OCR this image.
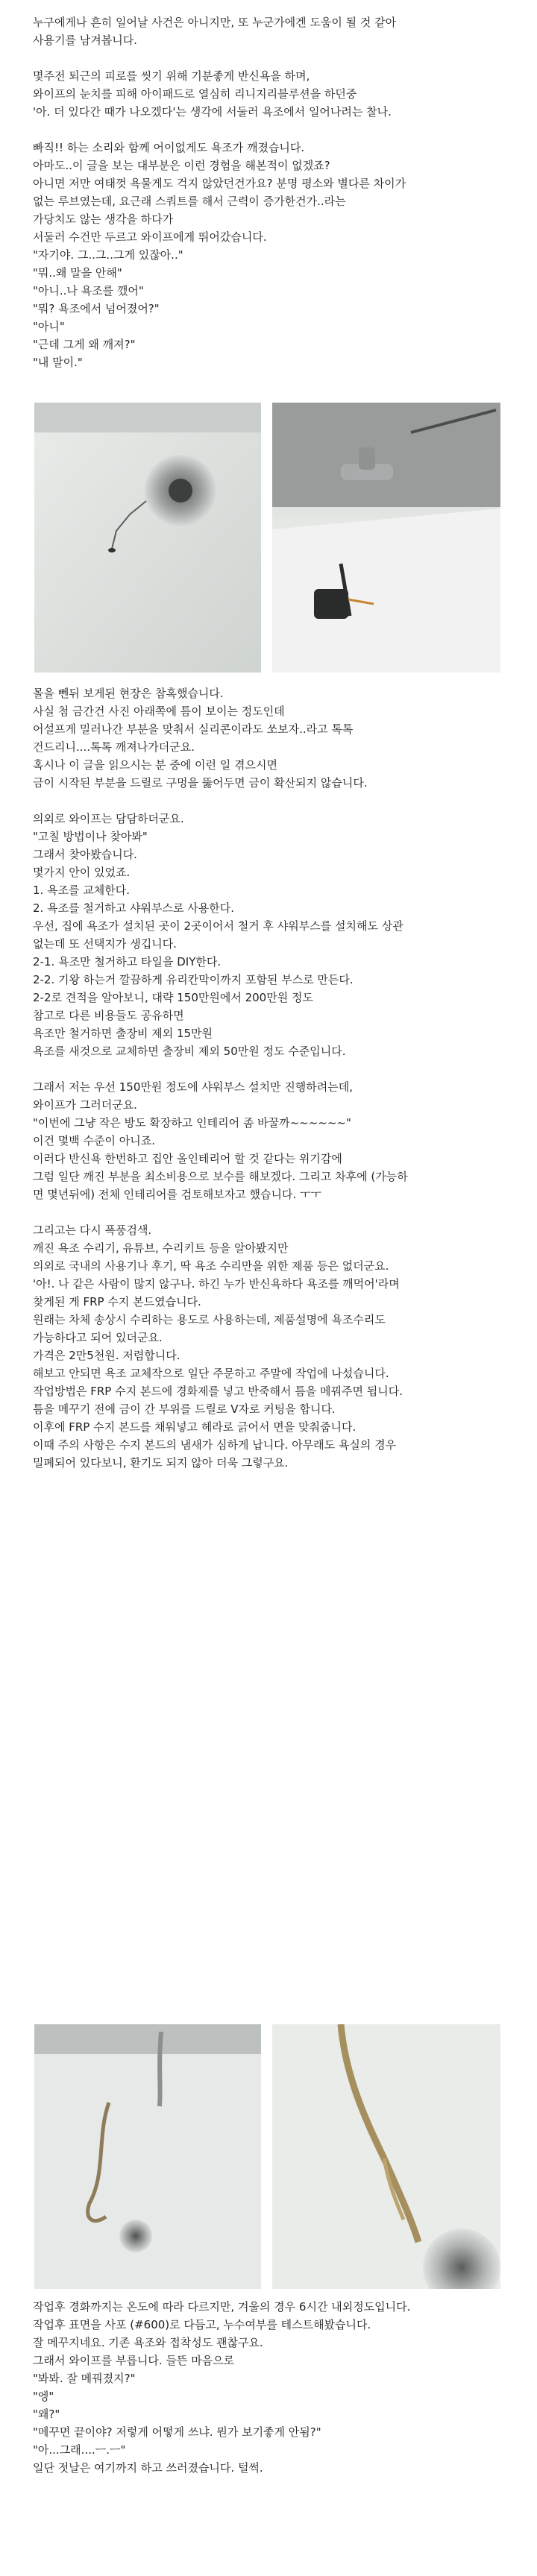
누구에게나 흔히 일어날 사건은 아니지만, 또 누군가에겐 도움이 될 것 같아
사용기를 남겨봅니다.
몇주전 퇴근의 피로를 씻기 위해 기분좋게 반신욕을 하며,
와이프의 눈치를 피해 아이패드로 열심히 리니지리블루션을 하던중
'아. 더 있다간 때가 나오겠다'는 생각에 서둘러 욕조에서 일어나려는 찰나.
빠직!! 하는 소리와 함께 어이없게도 욕조가 깨졌습니다.
아마도..이 글을 보는 대부분은 이런 경험을 해본적이 없겠죠?
아니면 저만 여태껏 욕물게도 걱지 않았던건가요? 분명 평소와 별다른 차이가
없는 루브였는데, 요근래 스쿼트를 해서 근력이 증가한건가..라는
가당치도 않는 생각을 하다가
서둘러 수건만 두르고 와이프에게 뛰어갔습니다.
"자기야. 그..그..그게 있잖아.."
"뭐..왜 말을 안해"
"아니..나 욕조를 깼어"
"뭐? 욕조에서 넘어졌어?"
"아니"
"근데 그게 왜 깨져?"
"내 말이."
몰을 뻰뒤 보게된 현장은 참혹했습니다.
사실 첨 금간건 사진 아래쪽에 틈이 보이는 정도인데
어설프게 밀러나간 부분을 맞춰서 실리콘이라도 쏘보자..라고 톡톡
건드리니....톡톡 깨져나가더군요.
혹시나 이 글을 읽으시는 분 중에 이런 일 겪으시면
금이 시작된 부분을 드릴로 구멍을 뚫어두면 금이 확산되지 않습니다.
의외로 와이프는 담담하더군요.
"고칠 방법이나 찾아봐"
그래서 찾아봤습니다.
몇가지 안이 있었죠.
1. 욕조를 교체한다.
2. 욕조를 철거하고 샤워부스로 사용한다.
우선, 집에 욕조가 설치된 곳이 2곳이어서 철거 후 샤워부스를 설치해도 상관
없는데 또 선택지가 생깁니다.
2-1. 욕조만 철거하고 타일을 DIY한다.
2-2. 기왕 하는거 깔끔하게 유리칸막이까지 포함된 부스로 만든다.
2-2로 견적을 알아보니, 대략 150만원에서 200만원 정도
참고로 다른 비용들도 공유하면
욕조만 철거하면 출장비 제외 15만원
욕조를 새것으로 교체하면 출장비 제외 50만원 정도 수준입니다.
그래서 저는 우선 150만원 정도에 샤워부스 설치만 진행하려는데,
와이프가 그러더군요.
"이번에 그냥 작은 방도 확장하고 인테리어 좀 바꿀까~~~~~~"
이건 몇백 수준이 아니죠.
이러다 반신욕 한번하고 집안 올인테리어 할 것 같다는 위기감에
그럼 일단 깨진 부분을 최소비용으로 보수를 해보겠다. 그리고 차후에 (가능하
면 몇년뒤에) 전체 인테리어를 검토해보자고 했습니다. ㅜㅜ
그리고는 다시 폭풍검색.
깨진 욕조 수리기, 유튜브, 수리키트 등을 알아봤지만
의외로 국내의 사용기나 후기, 딱 욕조 수리만을 위한 제품 등은 없더군요.
'아!. 나 같은 사람이 많지 않구나. 하긴 누가 반신욕하다 욕조를 깨먹어'라며
찾게된 게 FRP 수지 본드였습니다.
원래는 차체 송상시 수리하는 용도로 사용하는데, 제품설명에 욕조수리도
가능하다고 되어 있더군요.
가격은 2만5천원. 저렴합니다.
해보고 안되면 욕조 교체작으로 일단 주문하고 주말에 작업에 나섰습니다.
작업방법은 FRP 수지 본드에 경화제를 넣고 반죽해서 틈을 메꿔주면 됩니다.
틈을 메꾸기 전에 금이 간 부위를 드릴로 V자로 커팅을 합니다.
이후에 FRP 수지 본드를 채워넣고 헤라로 긁어서 면을 맞춰줍니다.
이때 주의 사항은 수지 본드의 냄새가 심하게 납니다. 아무래도 욕실의 경우
밀폐되어 있다보니, 환기도 되지 않아 더욱 그렇구요.
작업후 경화까지는 온도에 따라 다르지만, 겨울의 경우 6시간 내외정도입니다.
작업후 표면을 사포 (#600)로 다듬고, 누수여부를 테스트해봤습니다.
잘 메꾸지네요. 기존 욕조와 접착성도 괜찮구요.
그래서 와이프를 부릅니다. 들뜬 마음으로
"봐봐. 잘 메꿔졌지?"
"엥"
"왜?"
"메꾸면 끝이야? 저렇게 어떻게 쓰냐. 뭔가 보기좋게 안됨?"
"아...그래....ㅡ.ㅡ"
일단 젓날은 여기까지 하고 쓰러졌습니다. 털썩.
